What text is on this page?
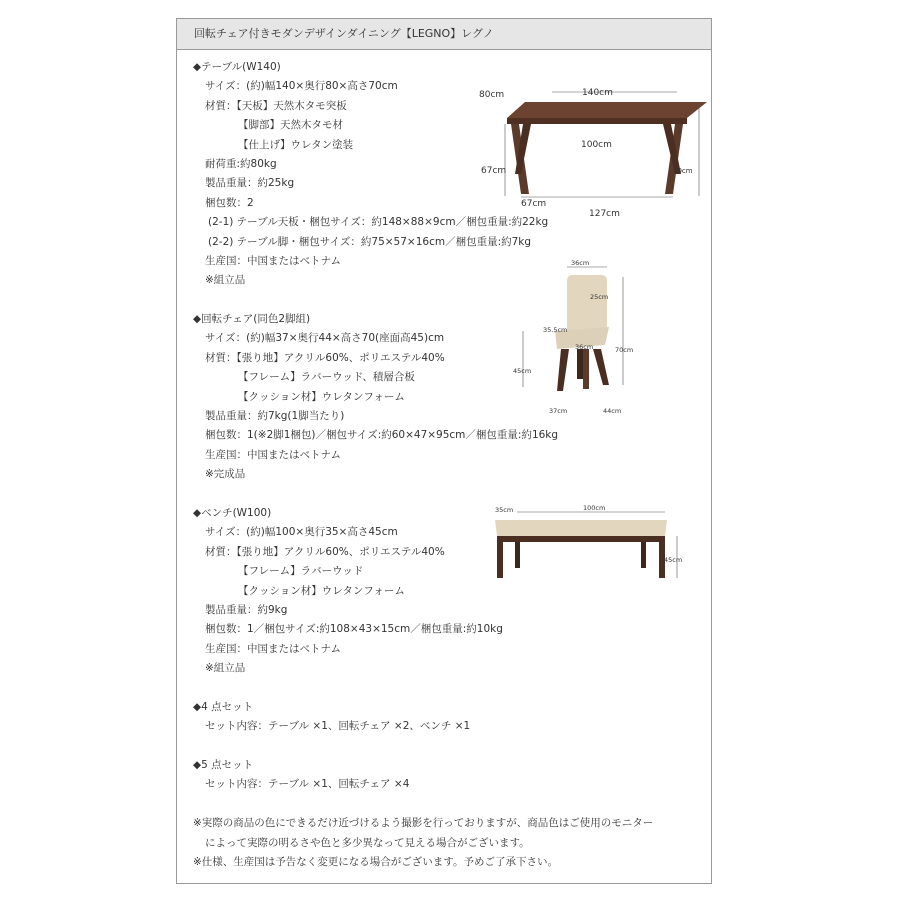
回転チェア付きモダンデザインダイニング【LEGNO】レグノ
◆テーブル(W140)
サイズ：(約)幅140×奥行80×高さ70cm
材質：【天板】天然木タモ突板
【脚部】天然木タモ材
【仕上げ】ウレタン塗装
耐荷重:約80kg
製品重量：約25kg
梱包数：2
(2-1) テーブル天板・梱包サイズ：約148×88×9cm／梱包重量:約22kg
(2-2) テーブル脚・梱包サイズ：約75×57×16cm／梱包重量:約7kg
生産国：中国またはベトナム
※組立品
◆回転チェア(同色2脚組)
サイズ：(約)幅37×奥行44×高さ70(座面高45)cm
材質：【張り地】アクリル60%、ポリエステル40%
【フレーム】ラバーウッド、積層合板
【クッション材】ウレタンフォーム
製品重量：約7kg(1脚当たり)
梱包数：1(※2脚1梱包)／梱包サイズ:約60×47×95cm／梱包重量:約16kg
生産国：中国またはベトナム
※完成品
◆ベンチ(W100)
サイズ：(約)幅100×奥行35×高さ45cm
材質：【張り地】アクリル60%、ポリエステル40%
【フレーム】ラバーウッド
【クッション材】ウレタンフォーム
製品重量：約9kg
梱包数：1／梱包サイズ:約108×43×15cm／梱包重量:約10kg
生産国：中国またはベトナム
※組立品
◆4 点セット
セット内容：テーブル ×1、回転チェア ×2、ベンチ ×1
◆5 点セット
セット内容：テーブル ×1、回転チェア ×4
※実際の商品の色にできるだけ近づけるよう撮影を行っておりますが、商品色はご使用のモニター
によって実際の明るさや色と多少異なって見える場合がございます。
※仕様、生産国は予告なく変更になる場合がございます。予めご了承下さい。
80cm	140cm
100cm
67cm
67cm
127cm
70cm
36cm
25cm
35.5cm
36cm	70cm
45cm
37cm	44cm
35cm	100cm
45cm
